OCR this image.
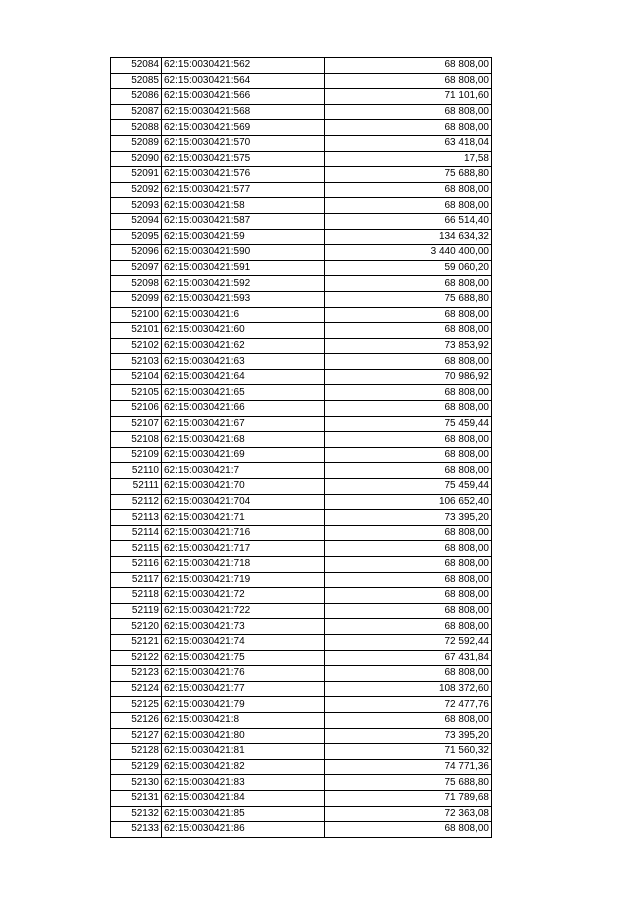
52084	62:15:0030421:562	68 808,00
52085	62:15:0030421:564	68 808,00
52086	62:15:0030421:566	71 101,60
52087	62:15:0030421:568	68 808,00
52088	62:15:0030421:569	68 808,00
52089	62:15:0030421:570	63 418,04
52090	62:15:0030421:575	17,58
52091	62:15:0030421:576	75 688,80
52092	62:15:0030421:577	68 808,00
52093	62:15:0030421:58	68 808,00
52094	62:15:0030421:587	66 514,40
52095	62:15:0030421:59	134 634,32
52096	62:15:0030421:590	3 440 400,00
52097	62:15:0030421:591	59 060,20
52098	62:15:0030421:592	68 808,00
52099	62:15:0030421:593	75 688,80
52100	62:15:0030421:6	68 808,00
52101	62:15:0030421:60	68 808,00
52102	62:15:0030421:62	73 853,92
52103	62:15:0030421:63	68 808,00
52104	62:15:0030421:64	70 986,92
52105	62:15:0030421:65	68 808,00
52106	62:15:0030421:66	68 808,00
52107	62:15:0030421:67	75 459,44
52108	62:15:0030421:68	68 808,00
52109	62:15:0030421:69	68 808,00
52110	62:15:0030421:7	68 808,00
52111	62:15:0030421:70	75 459,44
52112	62:15:0030421:704	106 652,40
52113	62:15:0030421:71	73 395,20
52114	62:15:0030421:716	68 808,00
52115	62:15:0030421:717	68 808,00
52116	62:15:0030421:718	68 808,00
52117	62:15:0030421:719	68 808,00
52118	62:15:0030421:72	68 808,00
52119	62:15:0030421:722	68 808,00
52120	62:15:0030421:73	68 808,00
52121	62:15:0030421:74	72 592,44
52122	62:15:0030421:75	67 431,84
52123	62:15:0030421:76	68 808,00
52124	62:15:0030421:77	108 372,60
52125	62:15:0030421:79	72 477,76
52126	62:15:0030421:8	68 808,00
52127	62:15:0030421:80	73 395,20
52128	62:15:0030421:81	71 560,32
52129	62:15:0030421:82	74 771,36
52130	62:15:0030421:83	75 688,80
52131	62:15:0030421:84	71 789,68
52132	62:15:0030421:85	72 363,08
52133	62:15:0030421:86	68 808,00
